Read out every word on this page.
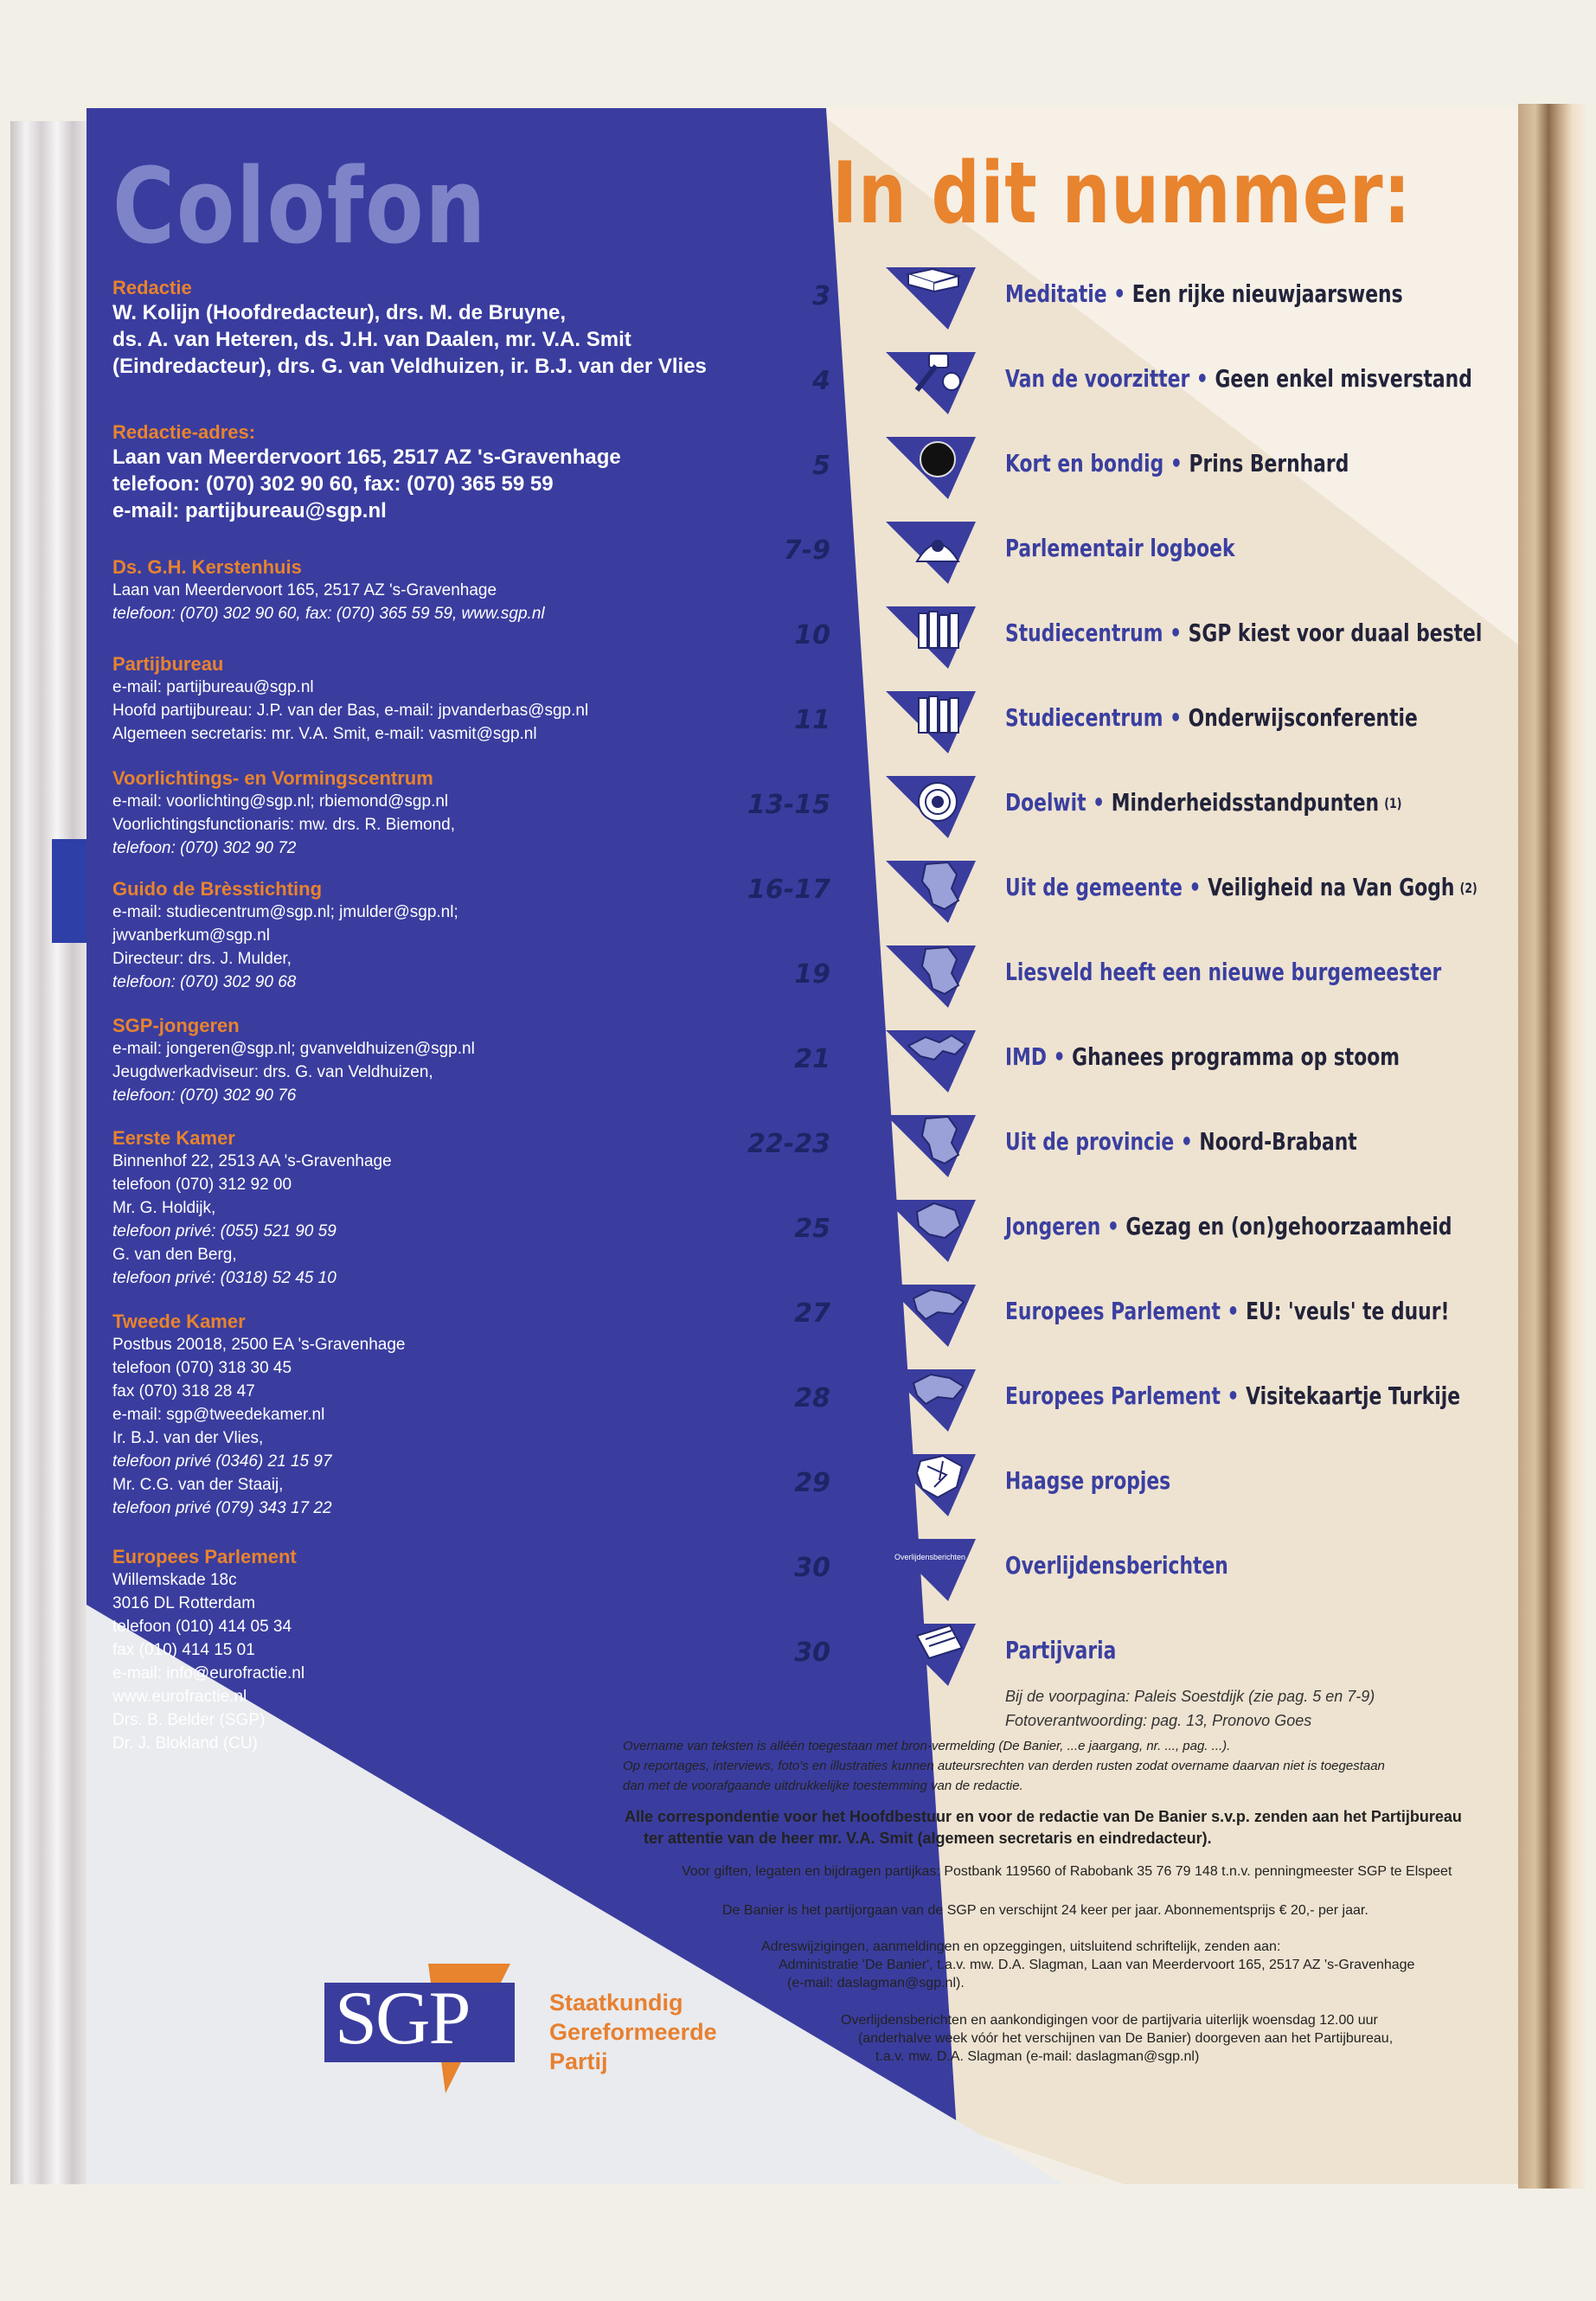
Colofon
Redactie
W. Kolijn (Hoofdredacteur), drs. M. de Bruyne,
ds. A. van Heteren, ds. J.H. van Daalen, mr. V.A. Smit
(Eindredacteur), drs. G. van Veldhuizen, ir. B.J. van der Vlies
Redactie-adres:
Laan van Meerdervoort 165, 2517 AZ 's-Gravenhage
telefoon: (070) 302 90 60, fax: (070) 365 59 59
e-mail: partijbureau@sgp.nl
Ds. G.H. Kerstenhuis
Laan van Meerdervoort 165, 2517 AZ 's-Gravenhage
telefoon: (070) 302 90 60, fax: (070) 365 59 59, www.sgp.nl
Partijbureau
e-mail: partijbureau@sgp.nl
Hoofd partijbureau: J.P. van der Bas, e-mail: jpvanderbas@sgp.nl
Algemeen secretaris: mr. V.A. Smit, e-mail: vasmit@sgp.nl
Voorlichtings- en Vormingscentrum
e-mail: voorlichting@sgp.nl; rbiemond@sgp.nl
Voorlichtingsfunctionaris: mw. drs. R. Biemond,
telefoon: (070) 302 90 72
Guido de Brèsstichting
e-mail: studiecentrum@sgp.nl; jmulder@sgp.nl;
jwvanberkum@sgp.nl
Directeur: drs. J. Mulder,
telefoon: (070) 302 90 68
SGP-jongeren
e-mail: jongeren@sgp.nl; gvanveldhuizen@sgp.nl
Jeugdwerkadviseur: drs. G. van Veldhuizen,
telefoon: (070) 302 90 76
Eerste Kamer
Binnenhof 22, 2513 AA 's-Gravenhage
telefoon (070) 312 92 00
Mr. G. Holdijk,
telefoon privé: (055) 521 90 59
G. van den Berg,
telefoon privé: (0318) 52 45 10
Tweede Kamer
Postbus 20018, 2500 EA 's-Gravenhage
telefoon (070) 318 30 45
fax (070) 318 28 47
e-mail: sgp@tweedekamer.nl
Ir. B.J. van der Vlies,
telefoon privé (0346) 21 15 97
Mr. C.G. van der Staaij,
telefoon privé (079) 343 17 22
Europees Parlement
Willemskade 18c
3016 DL Rotterdam
telefoon (010) 414 05 34
fax (010) 414 15 01
e-mail: info@eurofractie.nl
www.eurofractie.nl
Drs. B. Belder (SGP)
Dr. J. Blokland (CU)
SGP	Staatkundig
Gereformeerde
Partij
In dit nummer:
3	Meditatie • Een rijke nieuwjaarswens
4	Van de voorzitter • Geen enkel misverstand
5	Kort en bondig • Prins Bernhard
7-9	Parlementair logboek
10	Studiecentrum • SGP kiest voor duaal bestel
11	Studiecentrum • Onderwijsconferentie
13-15	Doelwit • Minderheidsstandpunten (1)
16-17	Uit de gemeente • Veiligheid na Van Gogh (2)
19	Liesveld heeft een nieuwe burgemeester
21	IMD • Ghanees programma op stoom
22-23	Uit de provincie • Noord-Brabant
25	Jongeren • Gezag en (on)gehoorzaamheid
27	Europees Parlement • EU: 'veuls' te duur!
28	Europees Parlement • Visitekaartje Turkije
29	Haagse propjes
30	Overlijdensberichten Overlijdensberichten
30	Partijvaria
Bij de voorpagina: Paleis Soestdijk (zie pag. 5 en 7-9)
Fotoverantwoording: pag. 13, Pronovo Goes
Overname van teksten is alléén toegestaan met bron-vermelding (De Banier, ...e jaargang, nr. ..., pag. ...).
Op reportages, interviews, foto's en illustraties kunnen auteursrechten van derden rusten zodat overname daarvan niet is toegestaan
dan met de voorafgaande uitdrukkelijke toestemming van de redactie.
Alle correspondentie voor het Hoofdbestuur en voor de redactie van De Banier s.v.p. zenden aan het Partijbureau
ter attentie van de heer mr. V.A. Smit (algemeen secretaris en eindredacteur).
Voor giften, legaten en bijdragen partijkas: Postbank 119560 of Rabobank 35 76 79 148 t.n.v. penningmeester SGP te Elspeet
De Banier is het partijorgaan van de SGP en verschijnt 24 keer per jaar. Abonnementsprijs € 20,- per jaar.
Adreswijzigingen, aanmeldingen en opzeggingen, uitsluitend schriftelijk, zenden aan:
Administratie 'De Banier', t.a.v. mw. D.A. Slagman, Laan van Meerdervoort 165, 2517 AZ 's-Gravenhage
(e-mail: daslagman@sgp.nl).
Overlijdensberichten en aankondigingen voor de partijvaria uiterlijk woensdag 12.00 uur
(anderhalve week vóór het verschijnen van De Banier) doorgeven aan het Partijbureau,
t.a.v. mw. D.A. Slagman (e-mail: daslagman@sgp.nl)
